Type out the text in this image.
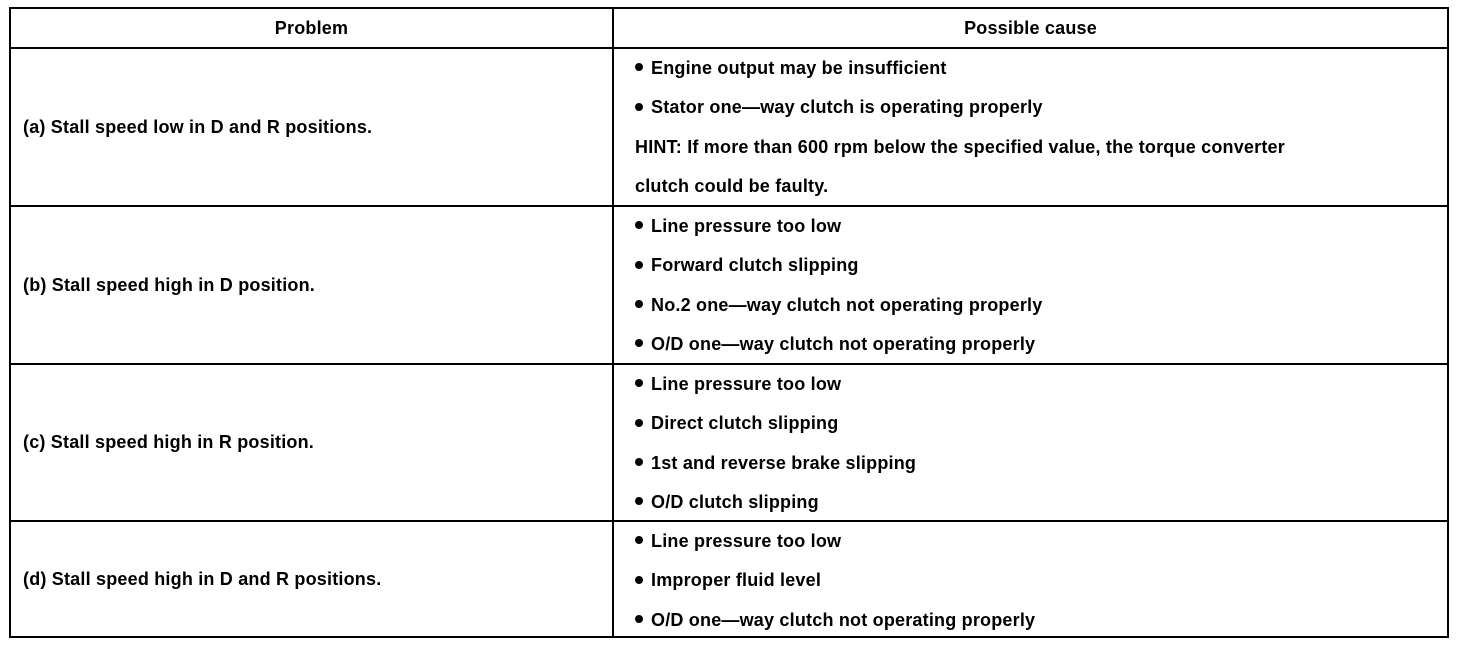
Problem	Possible cause
(a) Stall speed low in D and R positions.
Engine output may be insufficient
Stator one—way clutch is operating properly
HINT: If more than 600 rpm below the specified value, the torque converter
clutch could be faulty.
(b) Stall speed high in D position.
Line pressure too low
Forward clutch slipping
No.2 one—way clutch not operating properly
O/D one—way clutch not operating properly
(c) Stall speed high in R position.
Line pressure too low
Direct clutch slipping
1st and reverse brake slipping
O/D clutch slipping
(d) Stall speed high in D and R positions.
Line pressure too low
Improper fluid level
O/D one—way clutch not operating properly
